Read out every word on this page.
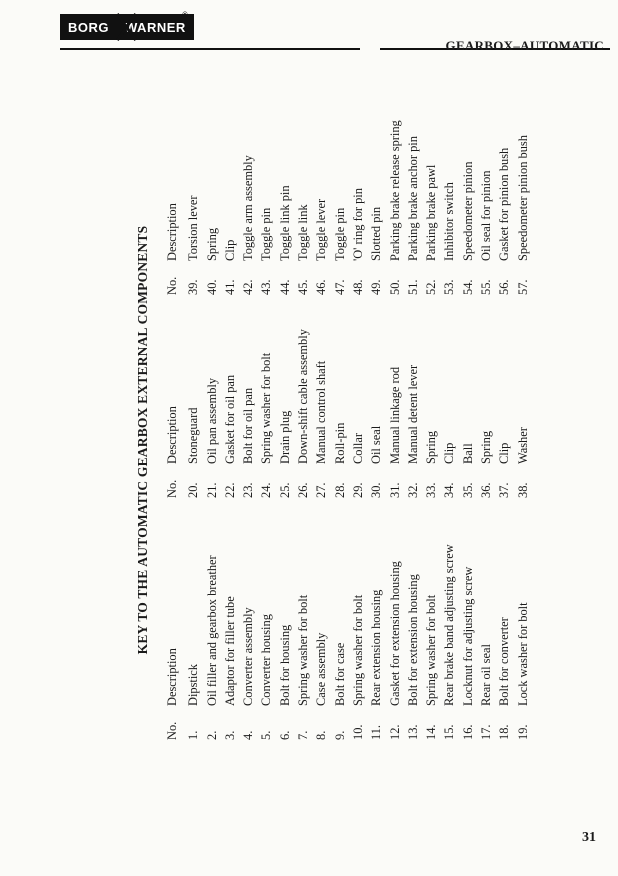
BORG	WARNER
®
GEARBOX–AUTOMATIC
KEY TO THE AUTOMATIC GEARBOX EXTERNAL COMPONENTS
No.
Description
1.
Dipstick
2.
Oil filler and gearbox breather
3.
Adaptor for filler tube
4.
Converter assembly
5.
Converter housing
6.
Bolt for housing
7.
Spring washer for bolt
8.
Case assembly
9.
Bolt for case
10.
Spring washer for bolt
11.
Rear extension housing
12.
Gasket for extension housing
13.
Bolt for extension housing
14.
Spring washer for bolt
15.
Rear brake band adjusting screw
16.
Locknut for adjusting screw
17.
Rear oil seal
18.
Bolt for converter
19.
Lock washer for bolt
No.
Description
20.
Stoneguard
21.
Oil pan assembly
22.
Gasket for oil pan
23.
Bolt for oil pan
24.
Spring washer for bolt
25.
Drain plug
26.
Down-shift cable assembly
27.
Manual control shaft
28.
Roll-pin
29.
Collar
30.
Oil seal
31.
Manual linkage rod
32.
Manual detent lever
33.
Spring
34.
Clip
35.
Ball
36.
Spring
37.
Clip
38.
Washer
No.
Description
39.
Torsion lever
40.
Spring
41.
Clip
42.
Toggle arm assembly
43.
Toggle pin
44.
Toggle link pin
45.
Toggle link
46.
Toggle lever
47.
Toggle pin
48.
'O' ring for pin
49.
Slotted pin
50.
Parking brake release spring
51.
Parking brake anchor pin
52.
Parking brake pawl
53.
Inhibitor switch
54.
Speedometer pinion
55.
Oil seal for pinion
56.
Gasket for pinion bush
57.
Speedometer pinion bush
31
